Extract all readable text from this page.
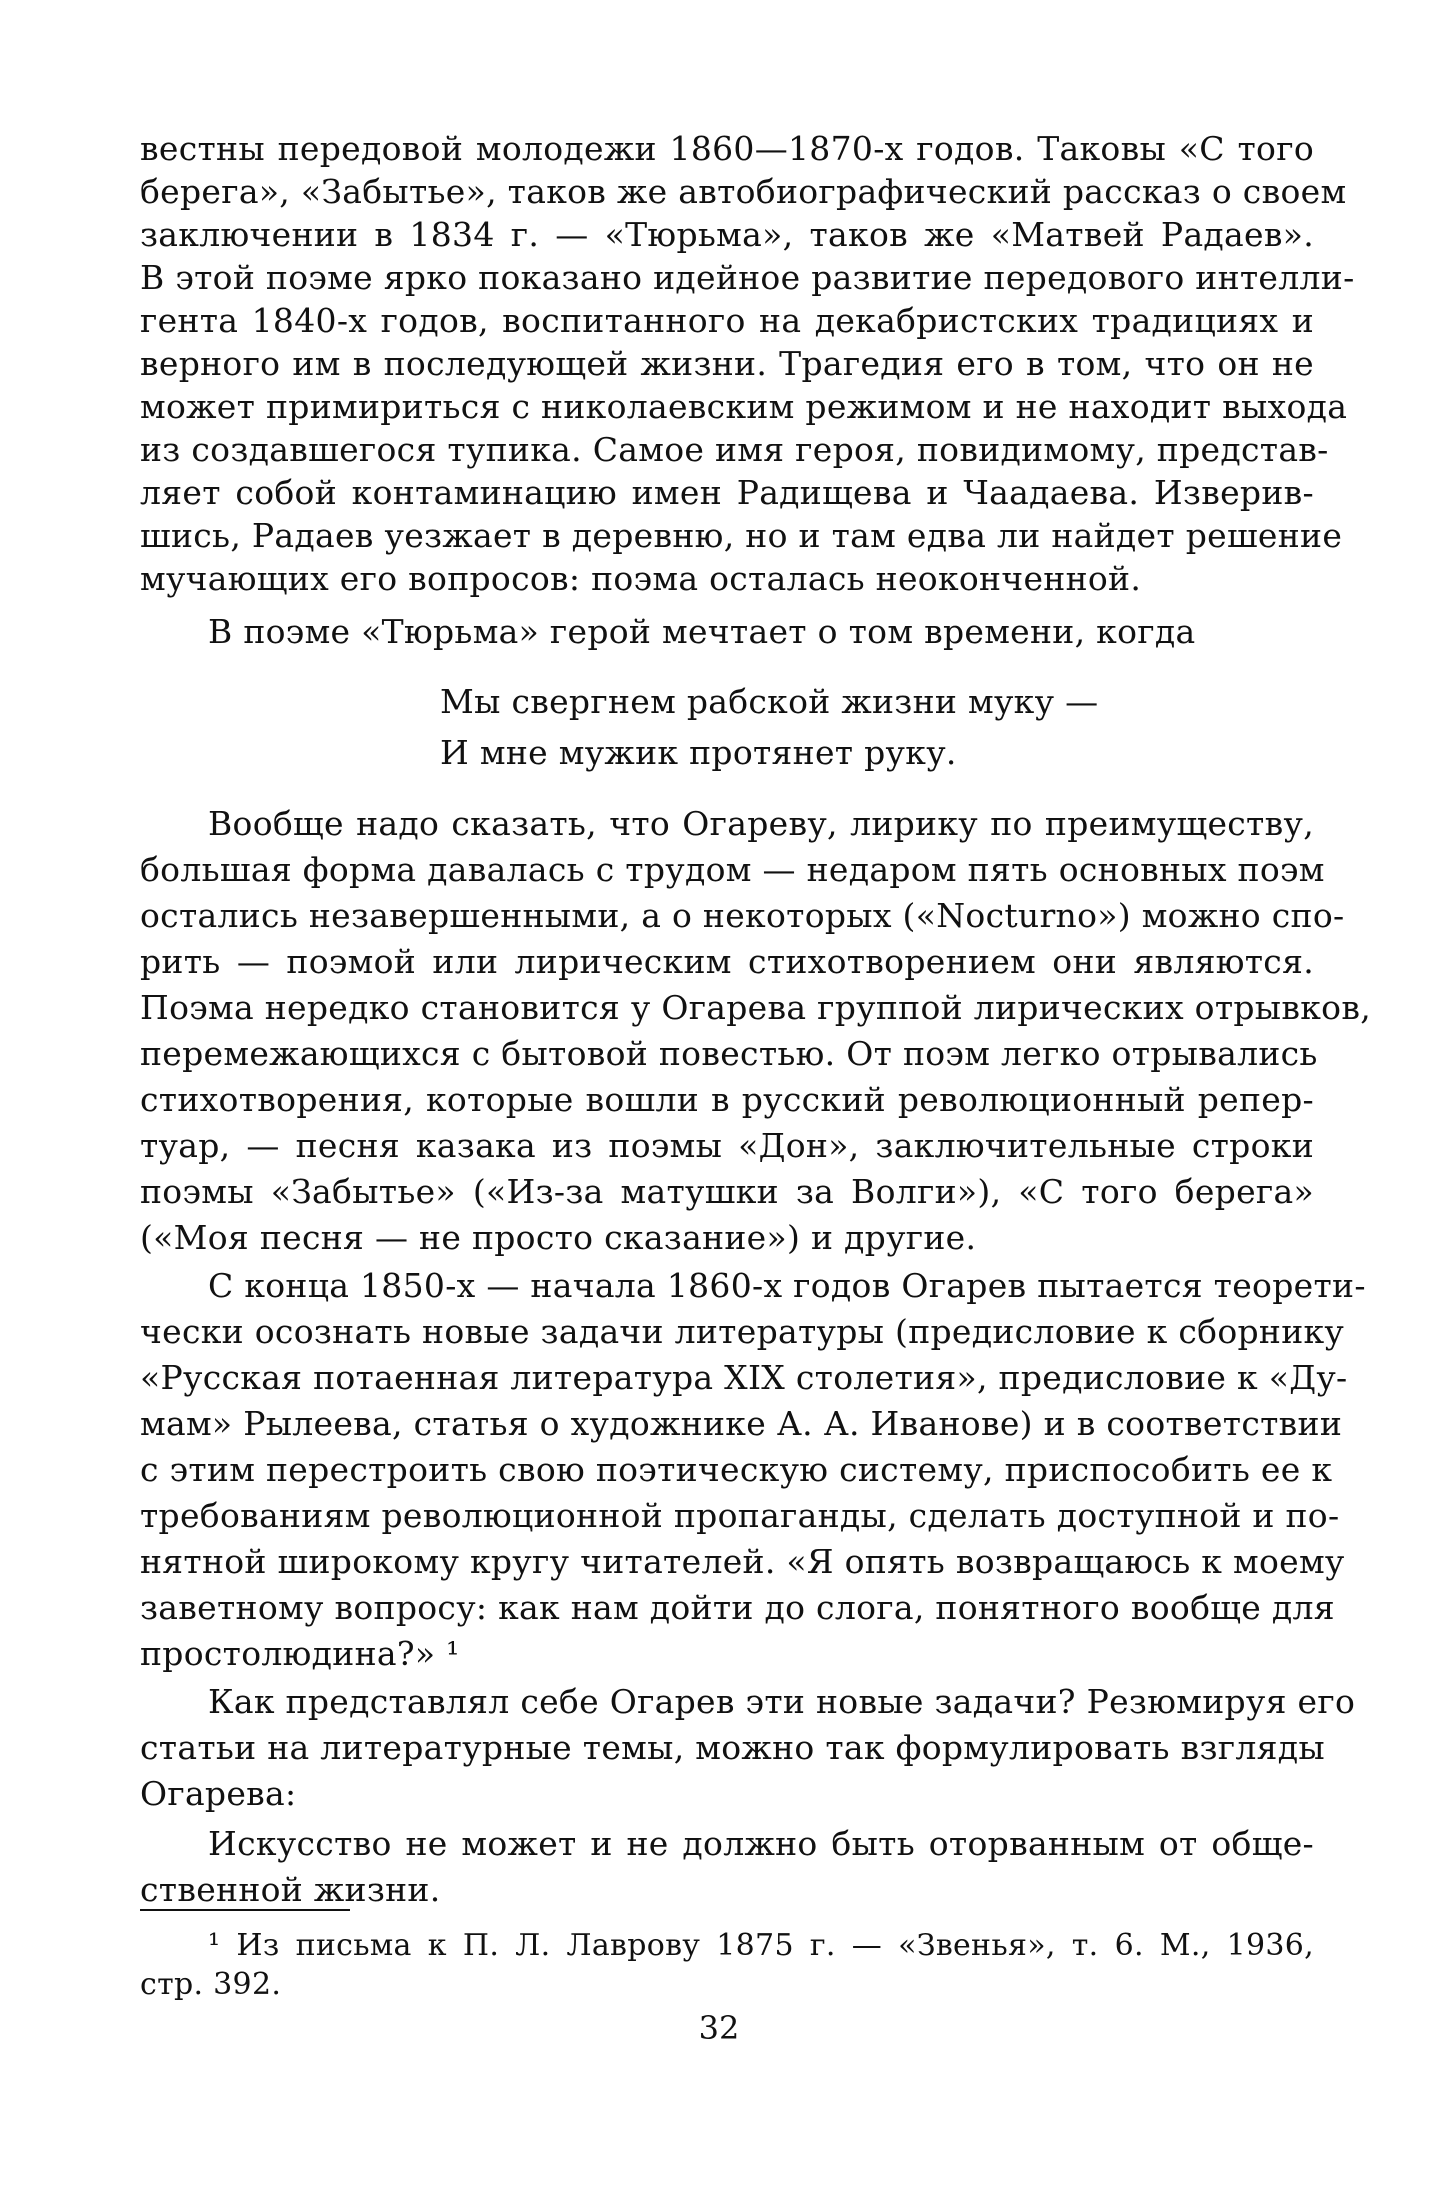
вестны передовой молодежи 1860—1870-х годов. Таковы «С того
берега», «Забытье», таков же автобиографический рассказ о своем
заключении в 1834 г. — «Тюрьма», таков же «Матвей Радаев».
В этой поэме ярко показано идейное развитие передового интелли-
гента 1840-х годов, воспитанного на декабристских традициях и
верного им в последующей жизни. Трагедия его в том, что он не
может примириться с николаевским режимом и не находит выхода
из создавшегося тупика. Самое имя героя, повидимому, представ-
ляет собой контаминацию имен Радищева и Чаадаева. Изверив-
шись, Радаев уезжает в деревню, но и там едва ли найдет решение
мучающих его вопросов: поэма осталась неоконченной.
В поэме «Тюрьма» герой мечтает о том времени, когда
Мы свергнем рабской жизни муку —
И мне мужик протянет руку.
Вообще надо сказать, что Огареву, лирику по преимуществу,
большая форма давалась с трудом — недаром пять основных поэм
остались незавершенными, а о некоторых («Nocturno») можно спо-
рить — поэмой или лирическим стихотворением они являются.
Поэма нередко становится у Огарева группой лирических отрывков,
перемежающихся с бытовой повестью. От поэм легко отрывались
стихотворения, которые вошли в русский революционный репер-
туар, — песня казака из поэмы «Дон», заключительные строки
поэмы «Забытье» («Из-за матушки за Волги»), «С того берега»
(«Моя песня — не просто сказание») и другие.
С конца 1850-х — начала 1860-х годов Огарев пытается теорети-
чески осознать новые задачи литературы (предисловие к сборнику
«Русская потаенная литература XIX столетия», предисловие к «Ду-
мам» Рылеева, статья о художнике А. А. Иванове) и в соответствии
с этим перестроить свою поэтическую систему, приспособить ее к
требованиям революционной пропаганды, сделать доступной и по-
нятной широкому кругу читателей. «Я опять возвращаюсь к моему
заветному вопросу: как нам дойти до слога, понятного вообще для
простолюдина?» ¹
Как представлял себе Огарев эти новые задачи? Резюмируя его
статьи на литературные темы, можно так формулировать взгляды
Огарева:
Искусство не может и не должно быть оторванным от обще-
ственной жизни.
¹ Из письма к П. Л. Лаврову 1875 г. — «Звенья», т. 6. М., 1936,
стр. 392.
32
